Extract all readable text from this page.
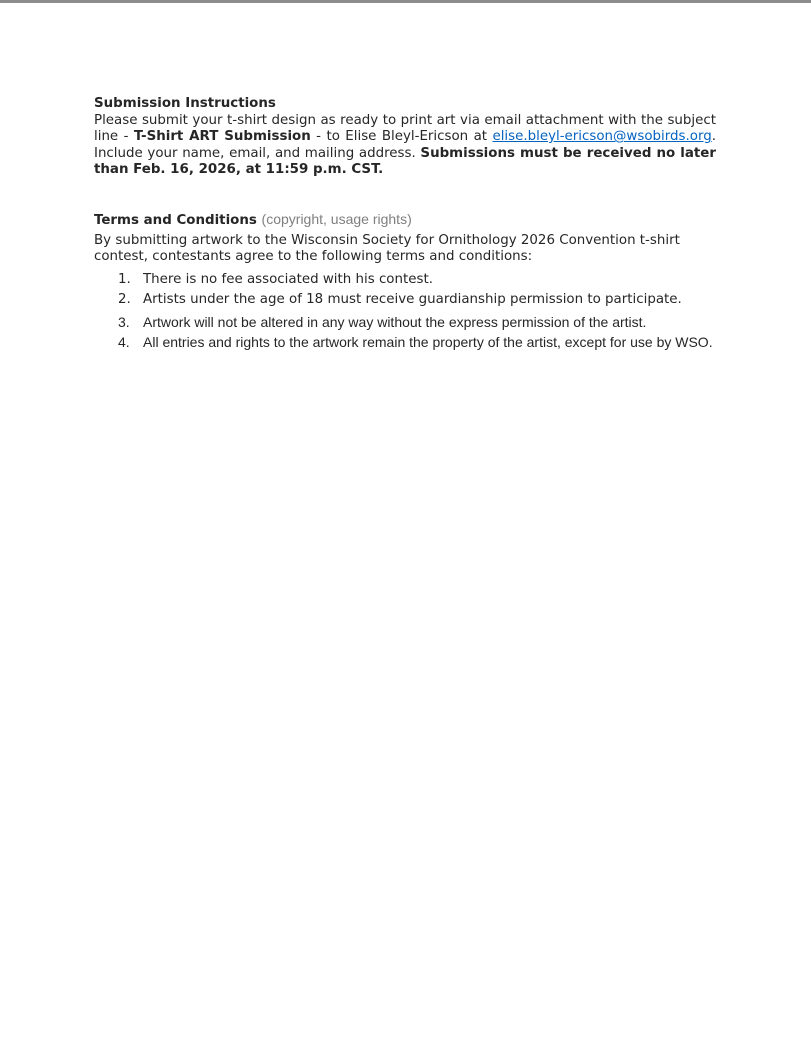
Submission Instructions

Please submit your t-shirt design as ready to print art via email attachment with the subject line - T-Shirt ART Submission - to Elise Bleyl-Ericson at elise.bleyl-ericson@wsobirds.org. Include your name, email, and mailing address. Submissions must be received no later than Feb. 16, 2026, at 11:59 p.m. CST.

Terms and Conditions (copyright, usage rights)

By submitting artwork to the Wisconsin Society for Ornithology 2026 Convention t-shirt contest, contestants agree to the following terms and conditions:

1. There is no fee associated with his contest.
2. Artists under the age of 18 must receive guardianship permission to participate.
3. Artwork will not be altered in any way without the express permission of the artist.
4. All entries and rights to the artwork remain the property of the artist, except for use by WSO.
